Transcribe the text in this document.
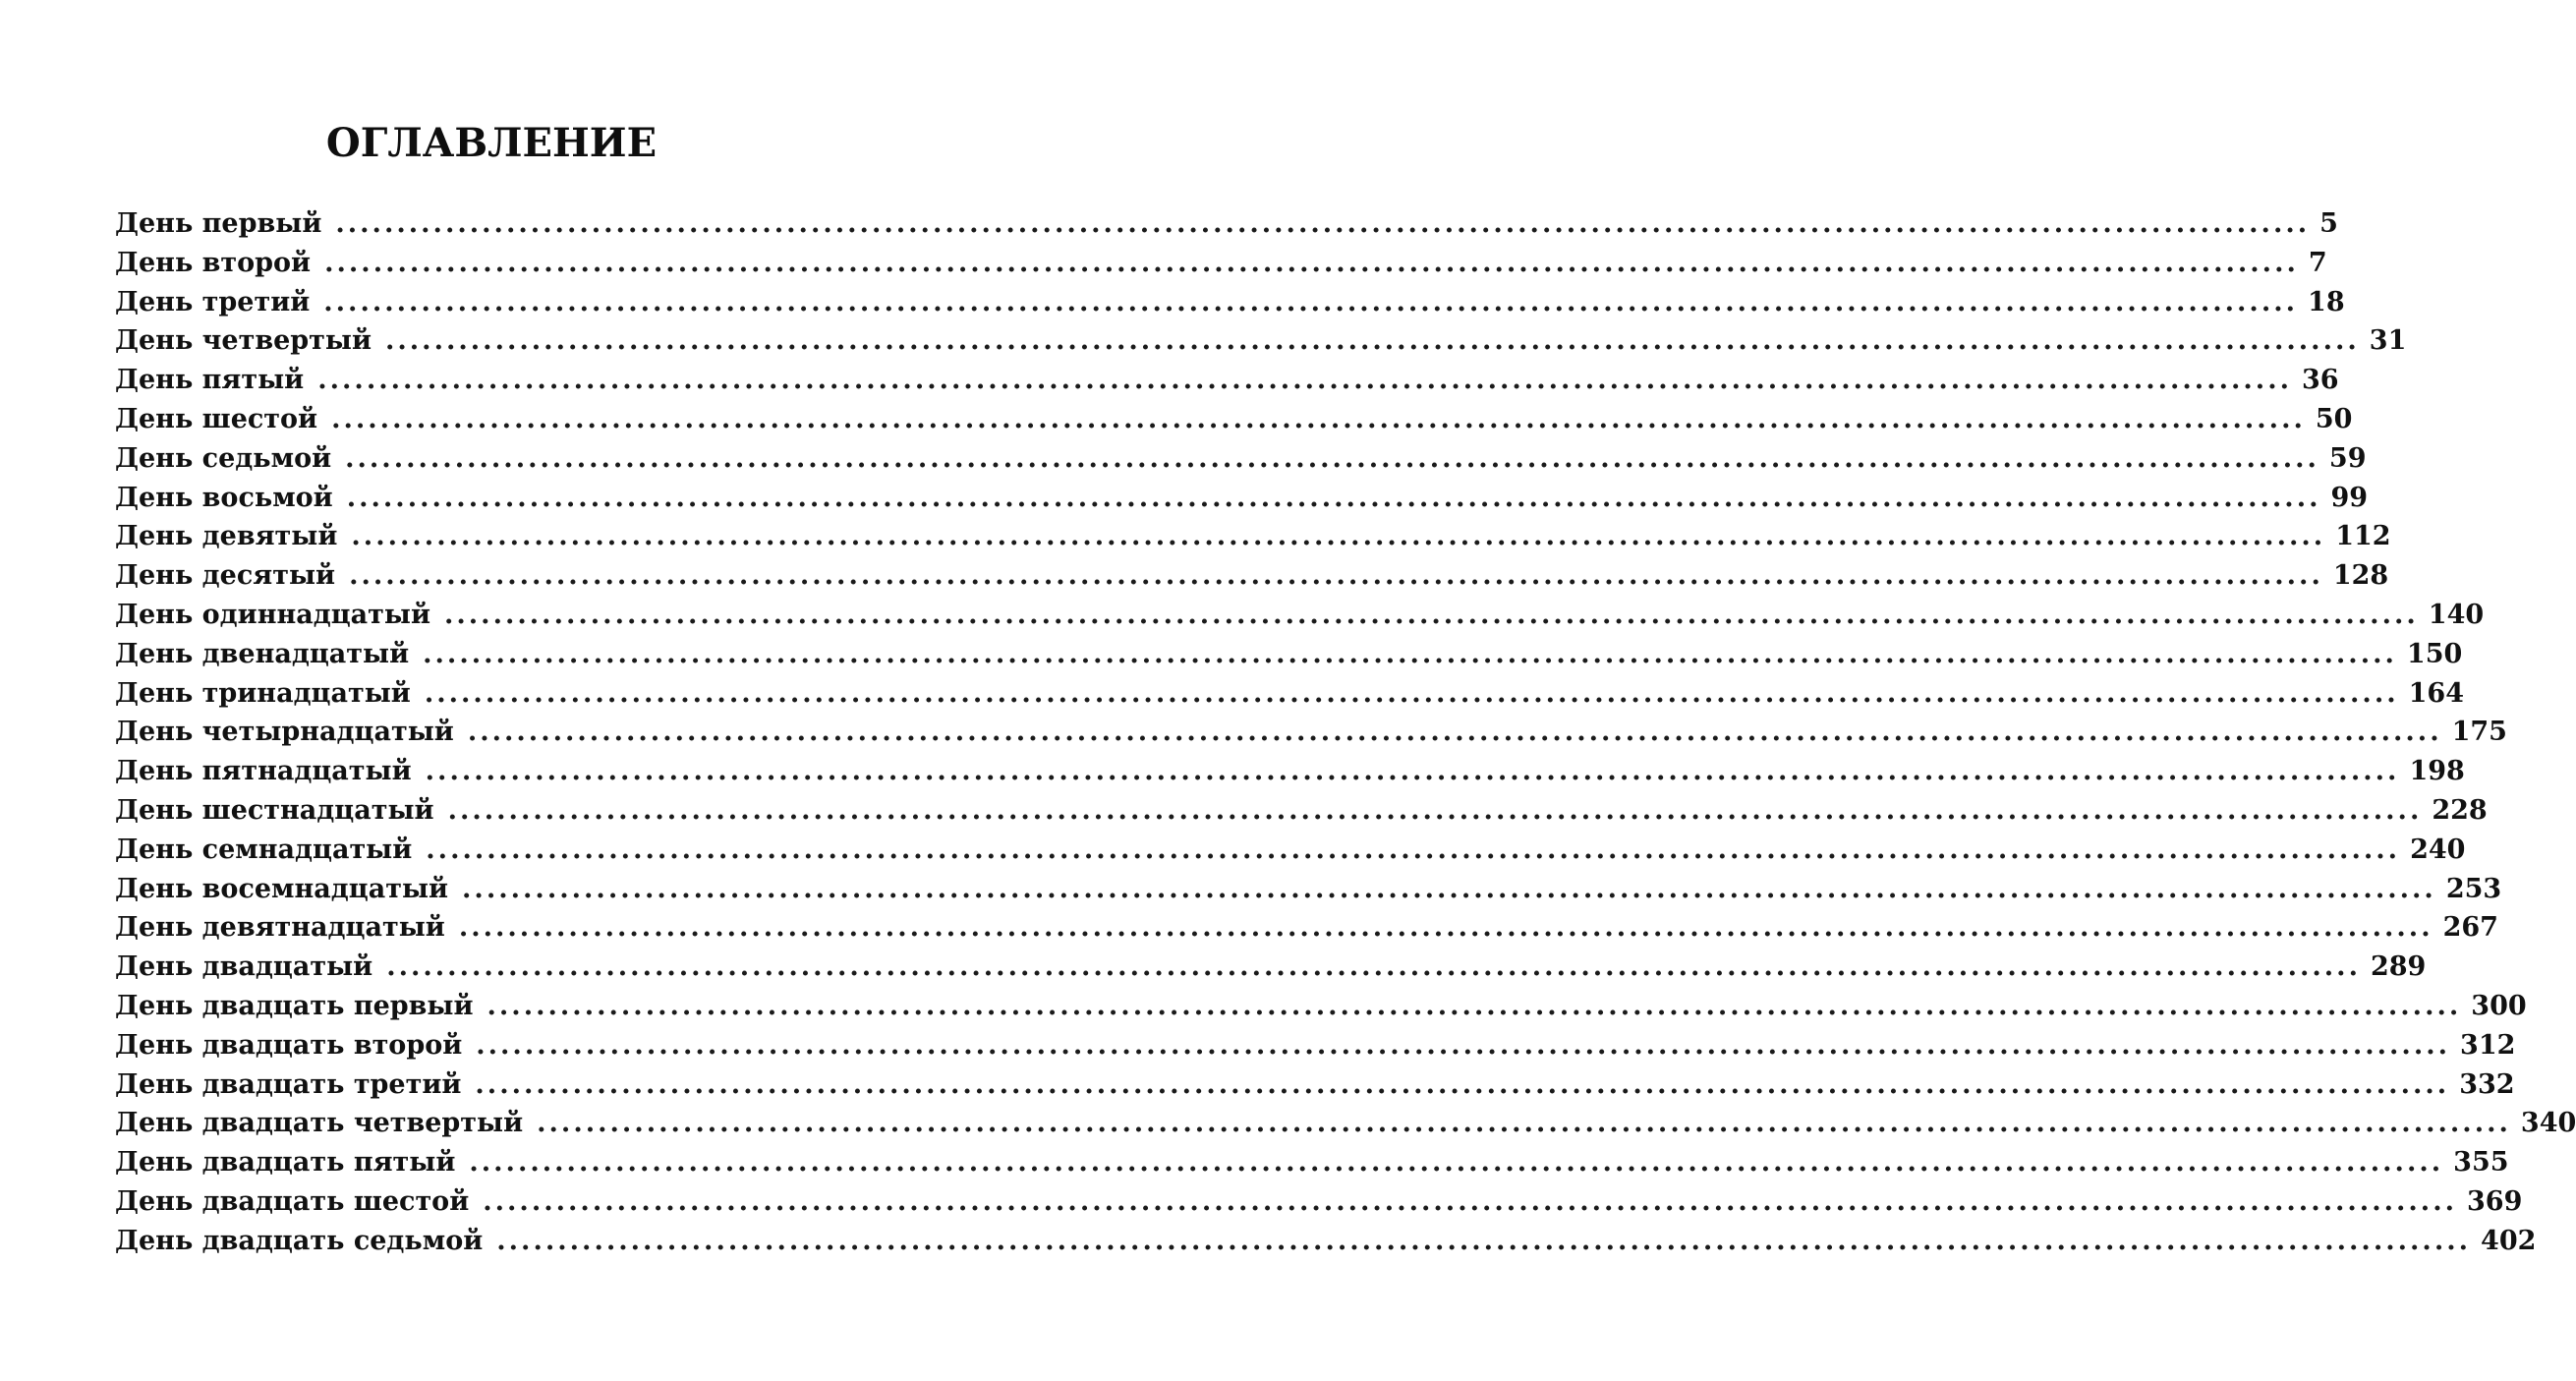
ОГЛАВЛЕНИЕ
День первый .................................................................................................................................................................. 5
День второй .................................................................................................................................................................. 7
День третий .................................................................................................................................................................. 18
День четвертый .................................................................................................................................................................. 31
День пятый .................................................................................................................................................................. 36
День шестой .................................................................................................................................................................. 50
День седьмой .................................................................................................................................................................. 59
День восьмой .................................................................................................................................................................. 99
День девятый .................................................................................................................................................................. 112
День десятый .................................................................................................................................................................. 128
День одиннадцатый .................................................................................................................................................................. 140
День двенадцатый .................................................................................................................................................................. 150
День тринадцатый .................................................................................................................................................................. 164
День четырнадцатый .................................................................................................................................................................. 175
День пятнадцатый .................................................................................................................................................................. 198
День шестнадцатый .................................................................................................................................................................. 228
День семнадцатый .................................................................................................................................................................. 240
День восемнадцатый .................................................................................................................................................................. 253
День девятнадцатый .................................................................................................................................................................. 267
День двадцатый .................................................................................................................................................................. 289
День двадцать первый .................................................................................................................................................................. 300
День двадцать второй .................................................................................................................................................................. 312
День двадцать третий .................................................................................................................................................................. 332
День двадцать четвертый .................................................................................................................................................................. 340
День двадцать пятый .................................................................................................................................................................. 355
День двадцать шестой .................................................................................................................................................................. 369
День двадцать седьмой .................................................................................................................................................................. 402
